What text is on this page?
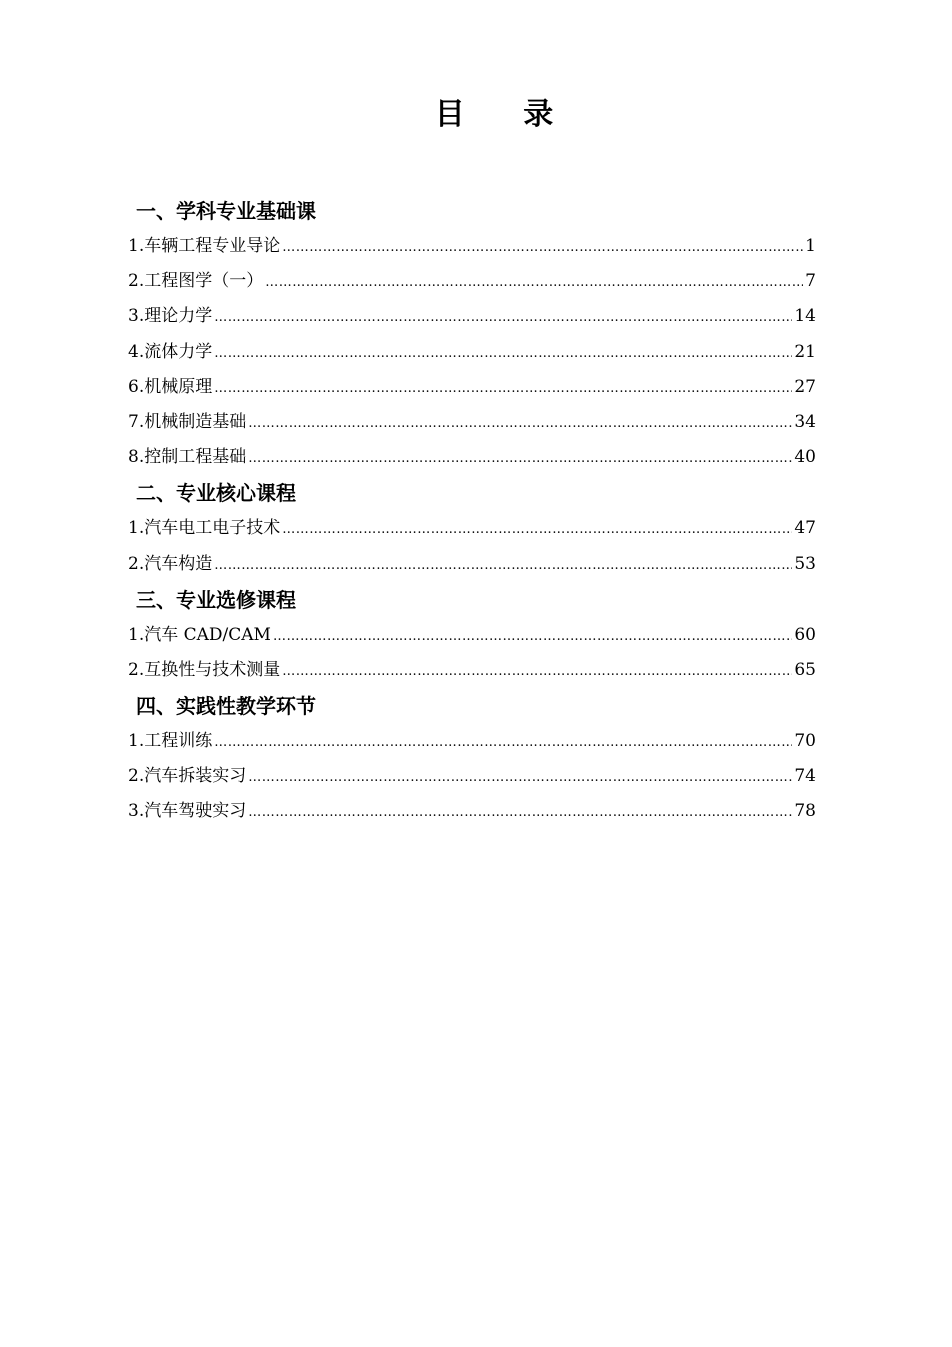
目 录
一、学科专业基础课
1.车辆工程专业导论 ……………………………………………………………………………………………………………………………………………………………………	1
2.工程图学（一） ……………………………………………………………………………………………………………………………………………………………………	7
3.理论力学 ……………………………………………………………………………………………………………………………………………………………………	14
4.流体力学 ……………………………………………………………………………………………………………………………………………………………………	21
6.机械原理 ……………………………………………………………………………………………………………………………………………………………………	27
7.机械制造基础 ……………………………………………………………………………………………………………………………………………………………………	34
8.控制工程基础 ……………………………………………………………………………………………………………………………………………………………………	40
二、专业核心课程
1.汽车电工电子技术 ……………………………………………………………………………………………………………………………………………………………………	47
2.汽车构造 ……………………………………………………………………………………………………………………………………………………………………	53
三、专业选修课程
1.汽车 CAD/CAM ……………………………………………………………………………………………………………………………………………………………………	60
2.互换性与技术测量 ……………………………………………………………………………………………………………………………………………………………………	65
四、实践性教学环节
1.工程训练 ……………………………………………………………………………………………………………………………………………………………………	70
2.汽车拆装实习 ……………………………………………………………………………………………………………………………………………………………………	74
3.汽车驾驶实习 ……………………………………………………………………………………………………………………………………………………………………	78
